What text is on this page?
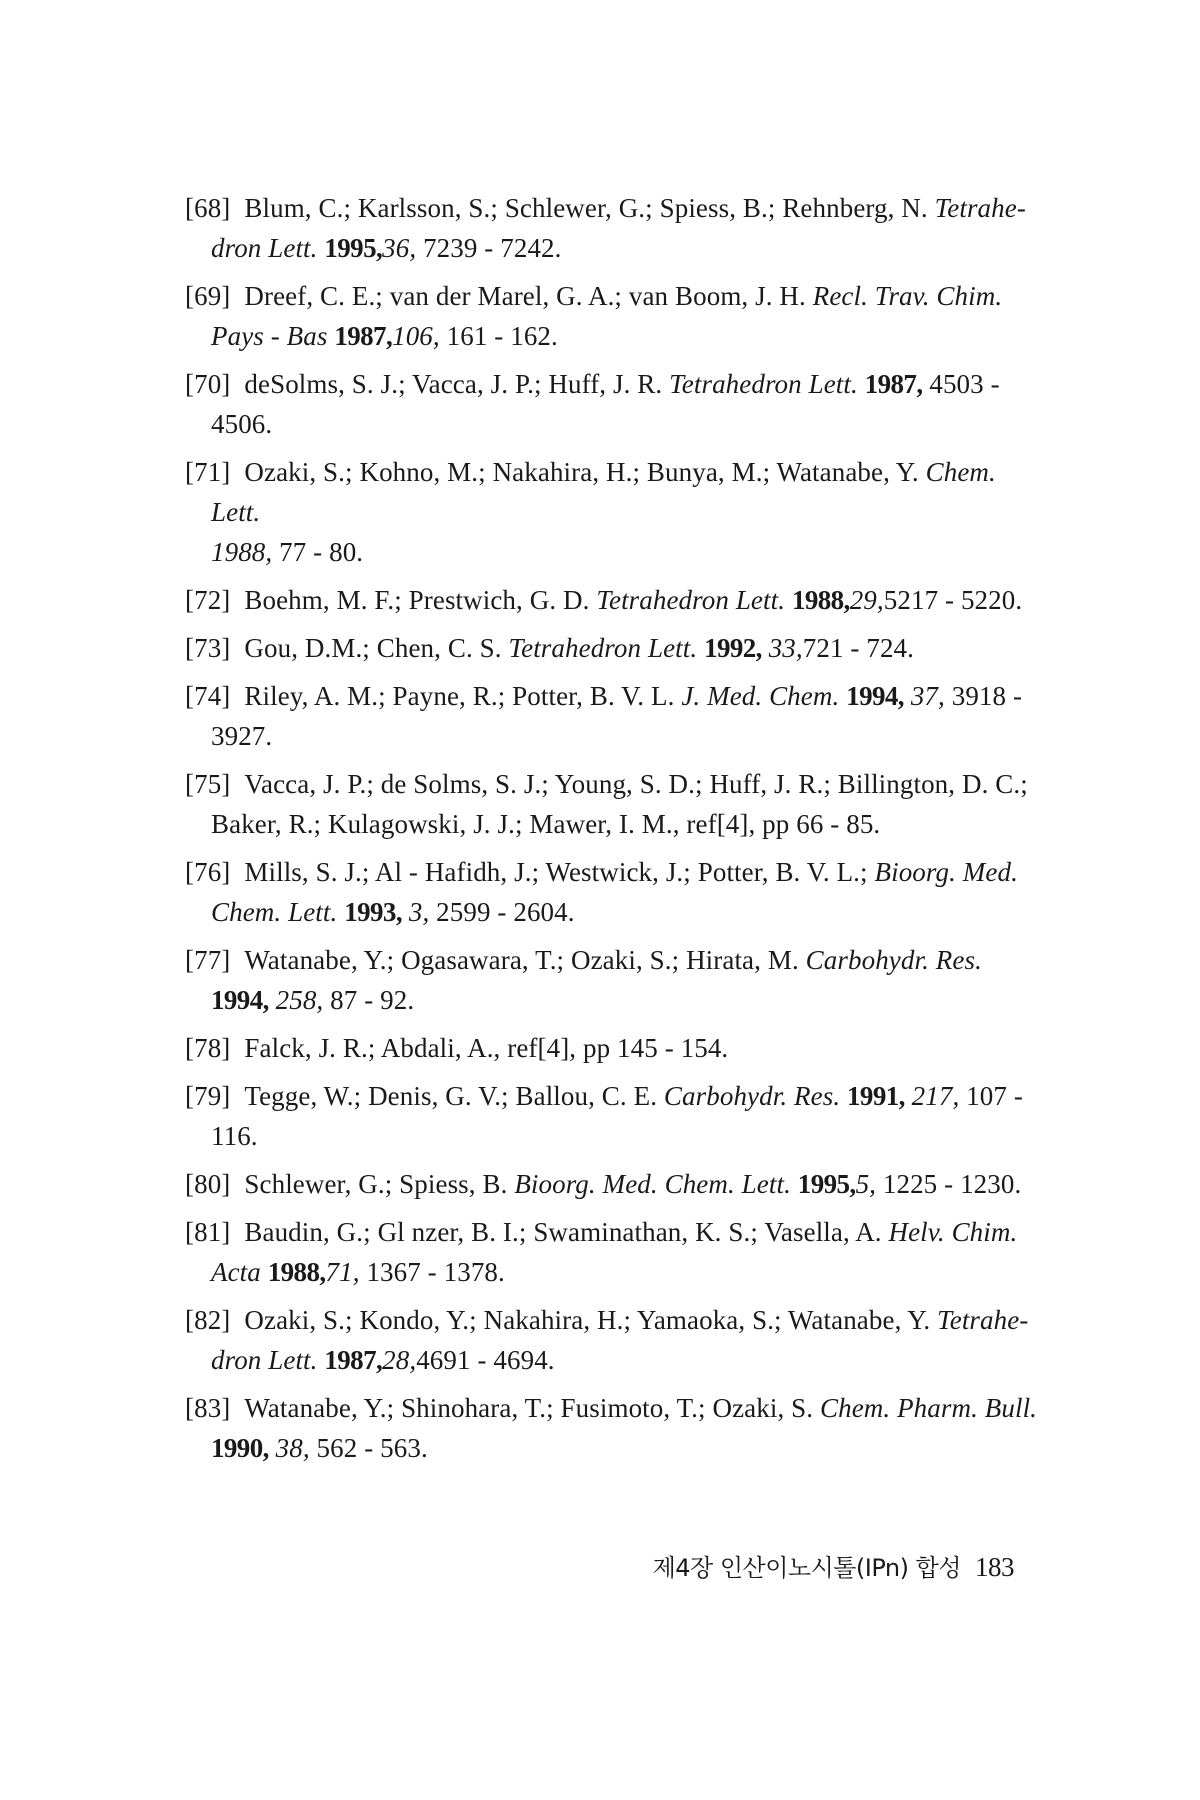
[68] Blum, C.; Karlsson, S.; Schlewer, G.; Spiess, B.; Rehnberg, N. Tetrahe-
dron Lett. 1995,36, 7239 - 7242.
[69] Dreef, C. E.; van der Marel, G. A.; van Boom, J. H. Recl. Trav. Chim.
Pays - Bas 1987,106, 161 - 162.
[70] deSolms, S. J.; Vacca, J. P.; Huff, J. R. Tetrahedron Lett. 1987, 4503 -
4506.
[71] Ozaki, S.; Kohno, M.; Nakahira, H.; Bunya, M.; Watanabe, Y. Chem. Lett.
1988, 77 - 80.
[72] Boehm, M. F.; Prestwich, G. D. Tetrahedron Lett. 1988,29,5217 - 5220.
[73] Gou, D.M.; Chen, C. S. Tetrahedron Lett. 1992, 33,721 - 724.
[74] Riley, A. M.; Payne, R.; Potter, B. V. L. J. Med. Chem. 1994, 37, 3918 -
3927.
[75] Vacca, J. P.; de Solms, S. J.; Young, S. D.; Huff, J. R.; Billington, D. C.;
Baker, R.; Kulagowski, J. J.; Mawer, I. M., ref[4], pp 66 - 85.
[76] Mills, S. J.; Al - Hafidh, J.; Westwick, J.; Potter, B. V. L.; Bioorg. Med.
Chem. Lett. 1993, 3, 2599 - 2604.
[77] Watanabe, Y.; Ogasawara, T.; Ozaki, S.; Hirata, M. Carbohydr. Res.
1994, 258, 87 - 92.
[78] Falck, J. R.; Abdali, A., ref[4], pp 145 - 154.
[79] Tegge, W.; Denis, G. V.; Ballou, C. E. Carbohydr. Res. 1991, 217, 107 -
116.
[80] Schlewer, G.; Spiess, B. Bioorg. Med. Chem. Lett. 1995,5, 1225 - 1230.
[81] Baudin, G.; Gl nzer, B. I.; Swaminathan, K. S.; Vasella, A. Helv. Chim.
Acta 1988,71, 1367 - 1378.
[82] Ozaki, S.; Kondo, Y.; Nakahira, H.; Yamaoka, S.; Watanabe, Y. Tetrahe-
dron Lett. 1987,28,4691 - 4694.
[83] Watanabe, Y.; Shinohara, T.; Fusimoto, T.; Ozaki, S. Chem. Pharm. Bull.
1990, 38, 562 - 563.
제4장 인산이노시톨(IPn) 합성 183
